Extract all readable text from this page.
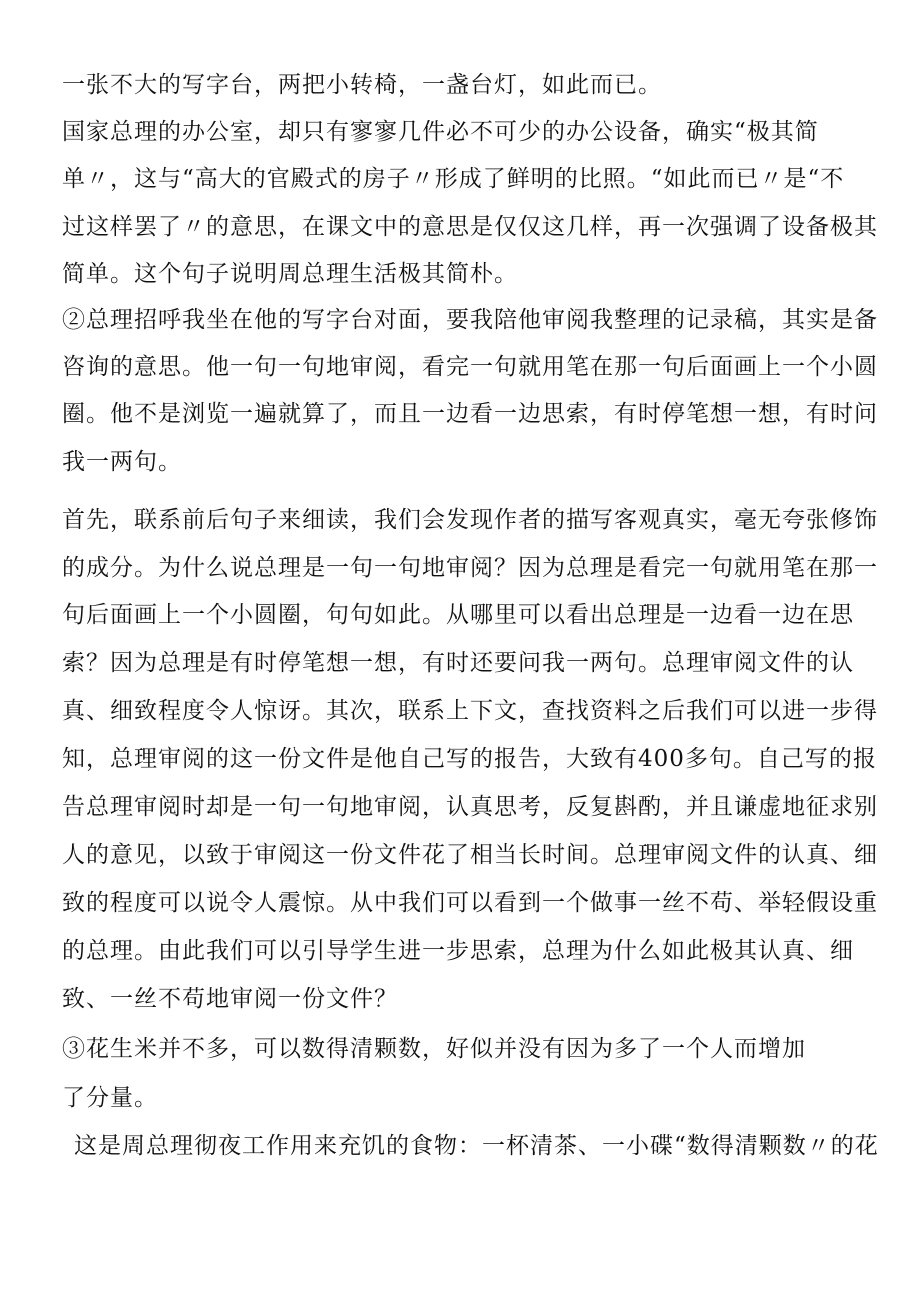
一张不大的写字台，两把小转椅，一盏台灯，如此而已。
国家总理的办公室，却只有寥寥几件必不可少的办公设备，确实“极其简
单〃，这与“高大的官殿式的房子〃形成了鲜明的比照。“如此而已〃是“不
过这样罢了〃的意思，在课文中的意思是仅仅这几样，再一次强调了设备极其
简单。这个句子说明周总理生活极其简朴。
②总理招呼我坐在他的写字台对面，要我陪他审阅我整理的记录稿，其实是备
咨询的意思。他一句一句地审阅，看完一句就用笔在那一句后面画上一个小圆
圈。他不是浏览一遍就算了，而且一边看一边思索，有时停笔想一想，有时问
我一两句。
首先，联系前后句子来细读，我们会发现作者的描写客观真实，毫无夸张修饰
的成分。为什么说总理是一句一句地审阅？因为总理是看完一句就用笔在那一
句后面画上一个小圆圈，句句如此。从哪里可以看出总理是一边看一边在思
索？因为总理是有时停笔想一想，有时还要问我一两句。总理审阅文件的认
真、细致程度令人惊讶。其次，联系上下文，查找资料之后我们可以进一步得
知，总理审阅的这一份文件是他自己写的报告，大致有400多句。自己写的报
告总理审阅时却是一句一句地审阅，认真思考，反复斟酌，并且谦虚地征求别
人的意见，以致于审阅这一份文件花了相当长时间。总理审阅文件的认真、细
致的程度可以说令人震惊。从中我们可以看到一个做事一丝不苟、举轻假设重
的总理。由此我们可以引导学生进一步思索，总理为什么如此极其认真、细
致、一丝不苟地审阅一份文件？
③花生米并不多，可以数得清颗数，好似并没有因为多了一个人而增加
了分量。
这是周总理彻夜工作用来充饥的食物：一杯清茶、一小碟“数得清颗数〃的花
